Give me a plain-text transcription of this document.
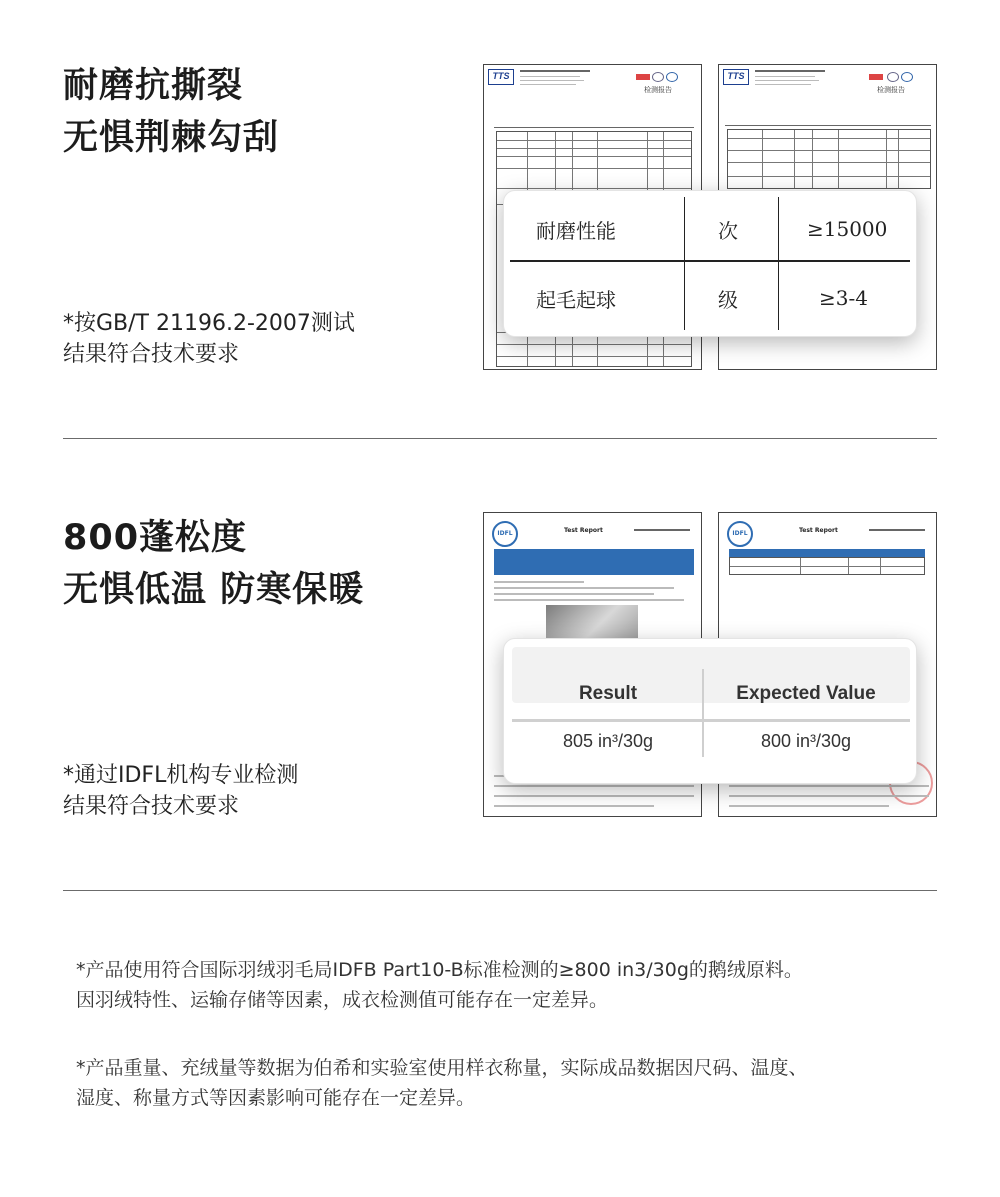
耐磨抗撕裂
无惧荆棘勾刮
*按GB/T 21196.2-2007测试
结果符合技术要求
TTS
检测报告
TTS
检测报告
耐磨性能	次	≥15000
起毛起球	级	≥3-4
800蓬松度
无惧低温 防寒保暖
*通过IDFL机构专业检测
结果符合技术要求
IDFL	Test Report	IDFL	Test Report
Result	Expected Value
805 in³/30g	800 in³/30g
*产品使用符合国际羽绒羽毛局IDFB Part10-B标准检测的≥800 in3/30g的鹅绒原料。
因羽绒特性、运输存储等因素，成衣检测值可能存在一定差异。
*产品重量、充绒量等数据为伯希和实验室使用样衣称量，实际成品数据因尺码、温度、
湿度、称量方式等因素影响可能存在一定差异。
